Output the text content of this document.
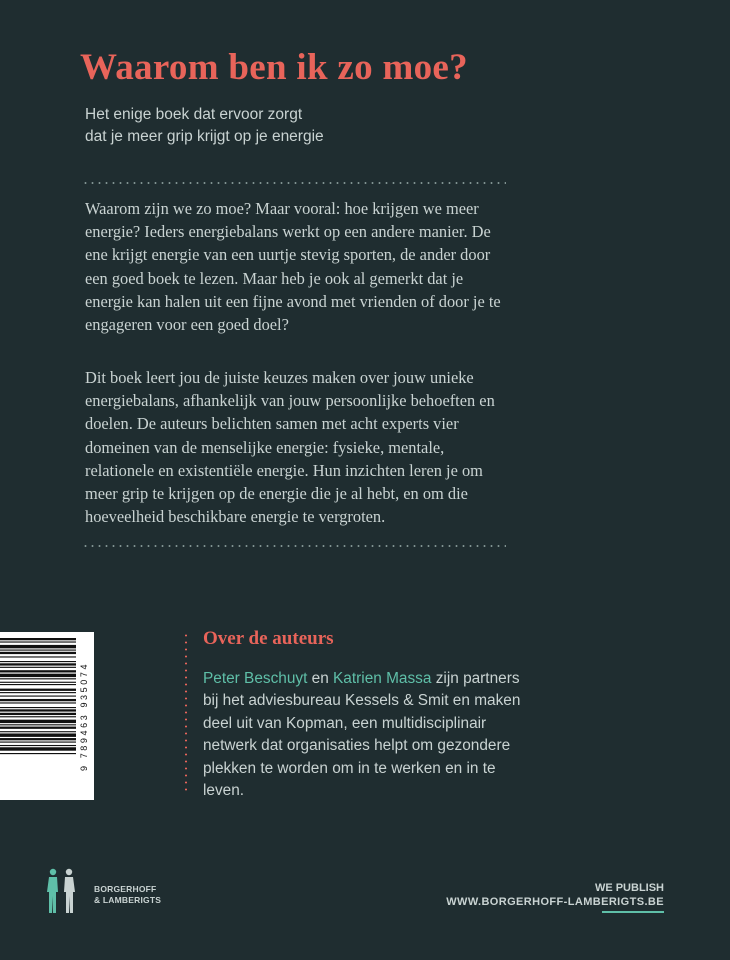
Waarom ben ik zo moe?
Het enige boek dat ervoor zorgt
dat je meer grip krijgt op je energie
Waarom zijn we zo moe? Maar vooral: hoe krijgen we meer energie? Ieders energiebalans werkt op een andere manier. De ene krijgt energie van een uurtje stevig sporten, de ander door een goed boek te lezen. Maar heb je ook al gemerkt dat je energie kan halen uit een fijne avond met vrienden of door je te engageren voor een goed doel?
Dit boek leert jou de juiste keuzes maken over jouw unieke energiebalans, afhankelijk van jouw persoonlijke behoeften en doelen. De auteurs belichten samen met acht experts vier domeinen van de menselijke energie: fysieke, mentale, relationele en existentiële energie. Hun inzichten leren je om meer grip te krijgen op de energie die je al hebt, en om die hoeveelheid beschikbare energie te vergroten.
9 789463 935074
Over de auteurs
Peter Beschuyt en Katrien Massa zijn partners bij het adviesbureau Kessels & Smit en maken deel uit van Kopman, een multidisciplinair netwerk dat organisaties helpt om gezondere plekken te worden om in te werken en in te leven.
BORGERHOFF
& LAMBERIGTS
WE PUBLISH
WWW.BORGERHOFF-LAMBERIGTS.BE
